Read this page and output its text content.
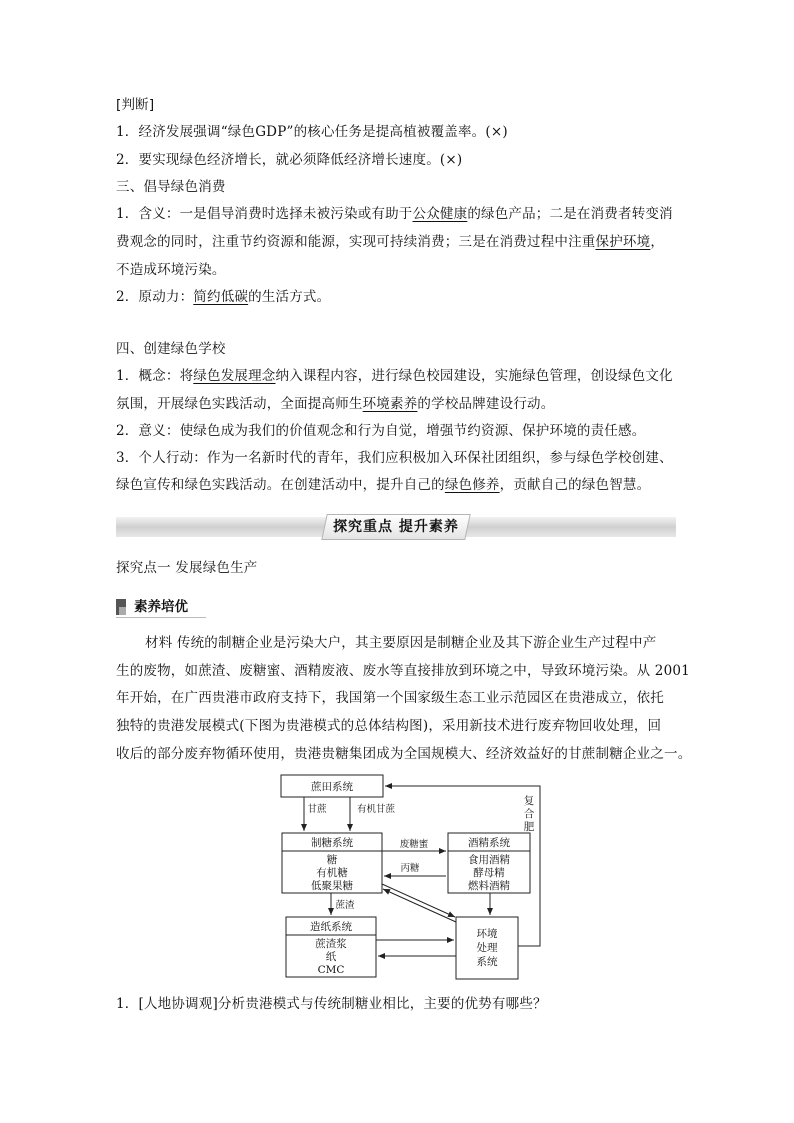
[判断]
1．经济发展强调“绿色GDP”的核心任务是提高植被覆盖率。(×)
2．要实现绿色经济增长，就必须降低经济增长速度。(×)
三、倡导绿色消费
1．含义：一是倡导消费时选择未被污染或有助于公众健康的绿色产品；二是在消费者转变消
费观念的同时，注重节约资源和能源，实现可持续消费；三是在消费过程中注重保护环境，
不造成环境污染。
2．原动力：简约低碳的生活方式。
四、创建绿色学校
1．概念：将绿色发展理念纳入课程内容，进行绿色校园建设，实施绿色管理，创设绿色文化
氛围，开展绿色实践活动，全面提高师生环境素养的学校品牌建设行动。
2．意义：使绿色成为我们的价值观念和行为自觉，增强节约资源、保护环境的责任感。
3．个人行动：作为一名新时代的青年，我们应积极加入环保社团组织，参与绿色学校创建、
绿色宣传和绿色实践活动。在创建活动中，提升自己的绿色修养，贡献自己的绿色智慧。
探究重点 提升素养
探究点一 发展绿色生产
素养培优
材料 传统的制糖企业是污染大户，其主要原因是制糖企业及其下游企业生产过程中产
生的废物，如蔗渣、废糖蜜、酒精废液、废水等直接排放到环境之中，导致环境污染。从 2001
年开始，在广西贵港市政府支持下，我国第一个国家级生态工业示范园区在贵港成立，依托
独特的贵港发展模式(下图为贵港模式的总体结构图)，采用新技术进行废弃物回收处理，回
收后的部分废弃物循环使用，贵港贵糖集团成为全国规模大、经济效益好的甘蔗制糖企业之一。
蔗田系统
制糖系统
糖
有机糖
低聚果糖
酒精系统
食用酒精
酵母精
燃料酒精
造纸系统
蔗渣浆
纸
CMC
环境
处理
系统
甘蔗	有机甘蔗
废糖蜜
丙糖
蔗渣
复
合
肥
1．[人地协调观]分析贵港模式与传统制糖业相比，主要的优势有哪些？
